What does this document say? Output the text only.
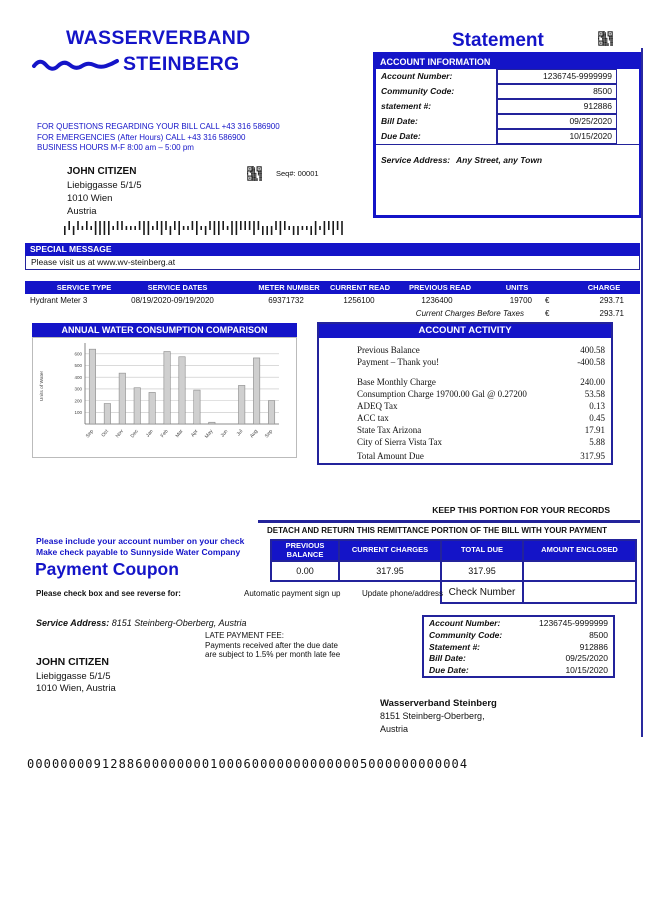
WASSERVERBAND
STEINBERG
Statement
ACCOUNT INFORMATION
Account Number:	1236745-9999999
Community Code:	8500
statement #:	912886
Bill Date:	09/25/2020
Due Date:	10/15/2020
Service Address: Any Street, any Town
FOR QUESTIONS REGARDING YOUR BILL CALL +43 316 586900
FOR EMERGENCIES (After Hours) CALL +43 316 586900
BUSINESS HOURS M-F 8:00 am – 5:00 pm
JOHN CITIZEN
Liebiggasse 5/1/5
1010 Wien
Austria
Seq#: 00001
SPECIAL MESSAGE
Please visit us at www.wv-steinberg.at
SERVICE TYPE	SERVICE DATES	METER NUMBER	CURRENT READ	PREVIOUS READ	UNITS	CHARGE
Hydrant Meter 3	08/19/2020-09/19/2020	69371732	1256100	1236400	19700 €	293.71
Current Charges Before Taxes	€	293.71
ANNUAL WATER CONSUMPTION COMPARISON
100
200
300
400
500
600
Sep Oct Nov Dec Jan Feb Mar Apr May Jun Jul Aug Sep
Units of Water
ACCOUNT ACTIVITY
Previous Balance	400.58
Payment – Thank you!	-400.58
Base Monthly Charge	240.00
Consumption Charge 19700.00 Gal @ 0.27200	53.58
ADEQ Tax	0.13
ACC tax	0.45
State Tax Arizona	17.91
City of Sierra Vista Tax	5.88
Total Amount Due	317.95
KEEP THIS PORTION FOR YOUR RECORDS
DETACH AND RETURN THIS REMITTANCE PORTION OF THE BILL WITH YOUR PAYMENT
PREVIOUS BALANCE	CURRENT CHARGES	TOTAL DUE	AMOUNT ENCLOSED
0.00	317.95	317.95
Check Number
Please include your account number on your check
Make check payable to Sunnyside Water Company
Payment Coupon
Please check box and see reverse for:	Automatic payment sign up	Update phone/address
Service Address: 8151 Steinberg-Oberberg, Austria
LATE PAYMENT FEE:
Payments received after the due date
are subject to 1.5% per month late fee
JOHN CITIZEN
Liebiggasse 5/1/5
1010 Wien, Austria
Account Number:	1236745-9999999
Community Code:	8500
Statement #:	912886
Bill Date:	09/25/2020
Due Date:	10/15/2020
Wasserverband Steinberg
8151 Steinberg-Oberberg,
Austria
00000000912886000000001000600000000000005000000000004
